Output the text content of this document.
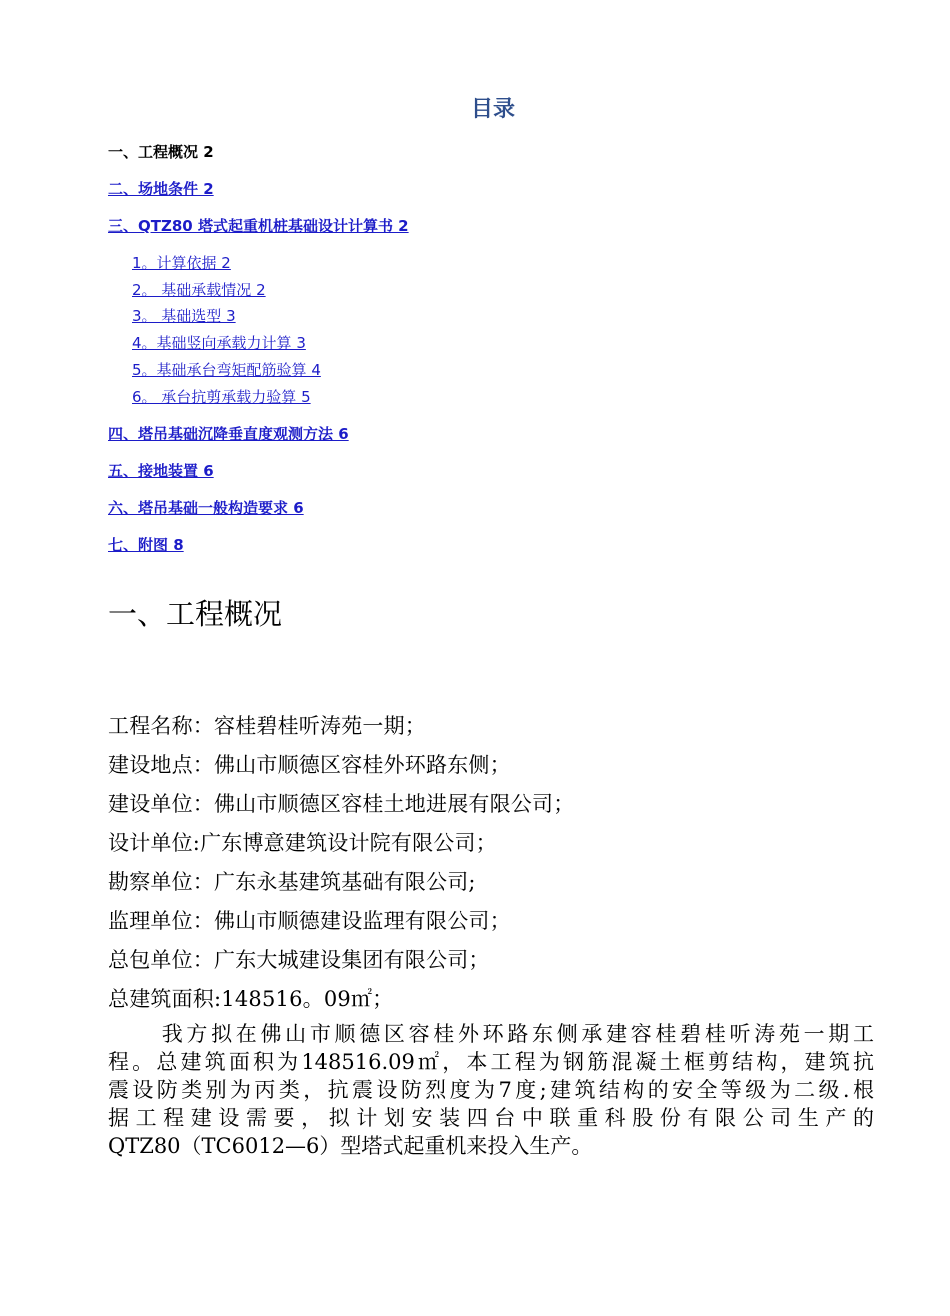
目录
一、工程概况 2
二、场地条件 2
三、QTZ80 塔式起重机桩基础设计计算书 2
1。计算依据 2
2。 基础承载情况 2
3。 基础选型 3
4。基础竖向承载力计算 3
5。基础承台弯矩配筋验算 4
6。 承台抗剪承载力验算 5
四、塔吊基础沉降垂直度观测方法 6
五、接地装置 6
六、塔吊基础一般构造要求 6
七、附图 8
一、工程概况
工程名称：容桂碧桂听涛苑一期；
建设地点：佛山市顺德区容桂外环路东侧；
建设单位：佛山市顺德区容桂土地进展有限公司；
设计单位:广东博意建筑设计院有限公司；
勘察单位：广东永基建筑基础有限公司;
监理单位：佛山市顺德建设监理有限公司；
总包单位：广东大城建设集团有限公司；
总建筑面积:148516。09㎡；
我方拟在佛山市顺德区容桂外环路东侧承建容桂碧桂听涛苑一期工
程。总建筑面积为148516.09㎡，本工程为钢筋混凝土框剪结构，建筑抗
震设防类别为丙类，抗震设防烈度为7度;建筑结构的安全等级为二级.根
据工程建设需要，拟计划安装四台中联重科股份有限公司生产的
QTZ80（TC6012—6）型塔式起重机来投入生产。
